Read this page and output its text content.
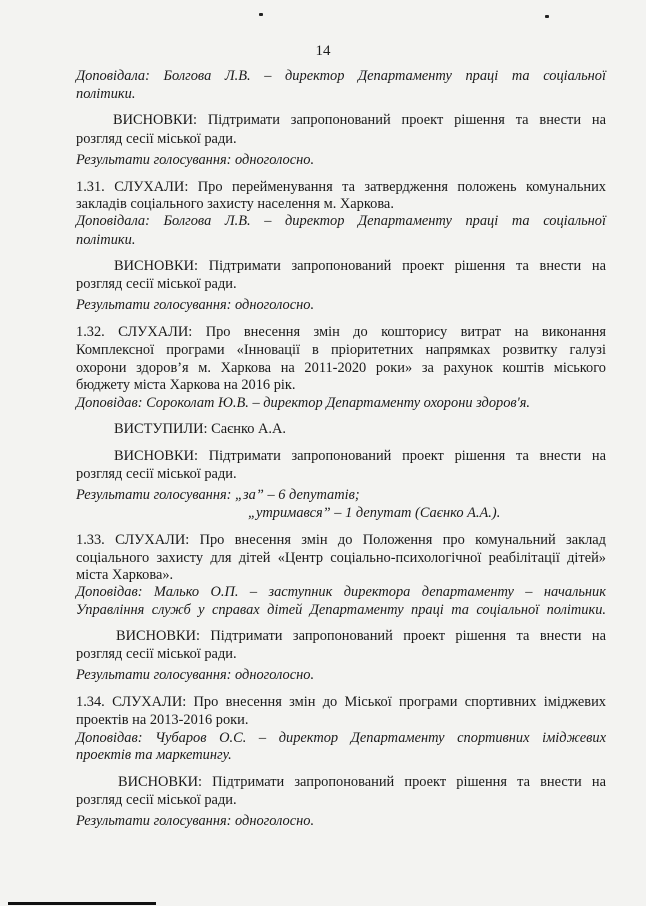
14
Доповідала: Болгова Л.В. – директор Департаменту праці та соціальної
політики.
ВИСНОВКИ: Підтримати запропонований проект рішення та внести на
розгляд сесії міської ради.
Результати голосування: одноголосно.
1.31. СЛУХАЛИ: Про перейменування та затвердження положень комунальних
закладів соціального захисту населення м. Харкова.
Доповідала: Болгова Л.В. – директор Департаменту праці та соціальної
політики.
ВИСНОВКИ: Підтримати запропонований проект рішення та внести на
розгляд сесії міської ради.
Результати голосування: одноголосно.
1.32. СЛУХАЛИ: Про внесення змін до кошторису витрат на виконання
Комплексної програми «Інновації в пріоритетних напрямках розвитку галузі
охорони здоров’я м. Харкова на 2011-2020 роки» за рахунок коштів міського
бюджету міста Харкова на 2016 рік.
Доповідав: Сороколат Ю.В. – директор Департаменту охорони здоров'я.
ВИСТУПИЛИ: Саєнко А.А.
ВИСНОВКИ: Підтримати запропонований проект рішення та внести на
розгляд сесії міської ради.
Результати голосування: „за” – 6 депутатів;
„утримався” – 1 депутат (Саєнко А.А.).
1.33. СЛУХАЛИ: Про внесення змін до Положення про комунальний заклад
соціального захисту для дітей «Центр соціально-психологічної реабілітації дітей»
міста Харкова».
Доповідав: Малько О.П. – заступник директора департаменту – начальник
Управління служб у справах дітей Департаменту праці та соціальної політики.
ВИСНОВКИ: Підтримати запропонований проект рішення та внести на
розгляд сесії міської ради.
Результати голосування: одноголосно.
1.34. СЛУХАЛИ: Про внесення змін до Міської програми спортивних іміджевих
проектів на 2013-2016 роки.
Доповідав: Чубаров О.С. – директор Департаменту спортивних іміджевих
проектів та маркетингу.
ВИСНОВКИ: Підтримати запропонований проект рішення та внести на
розгляд сесії міської ради.
Результати голосування: одноголосно.
